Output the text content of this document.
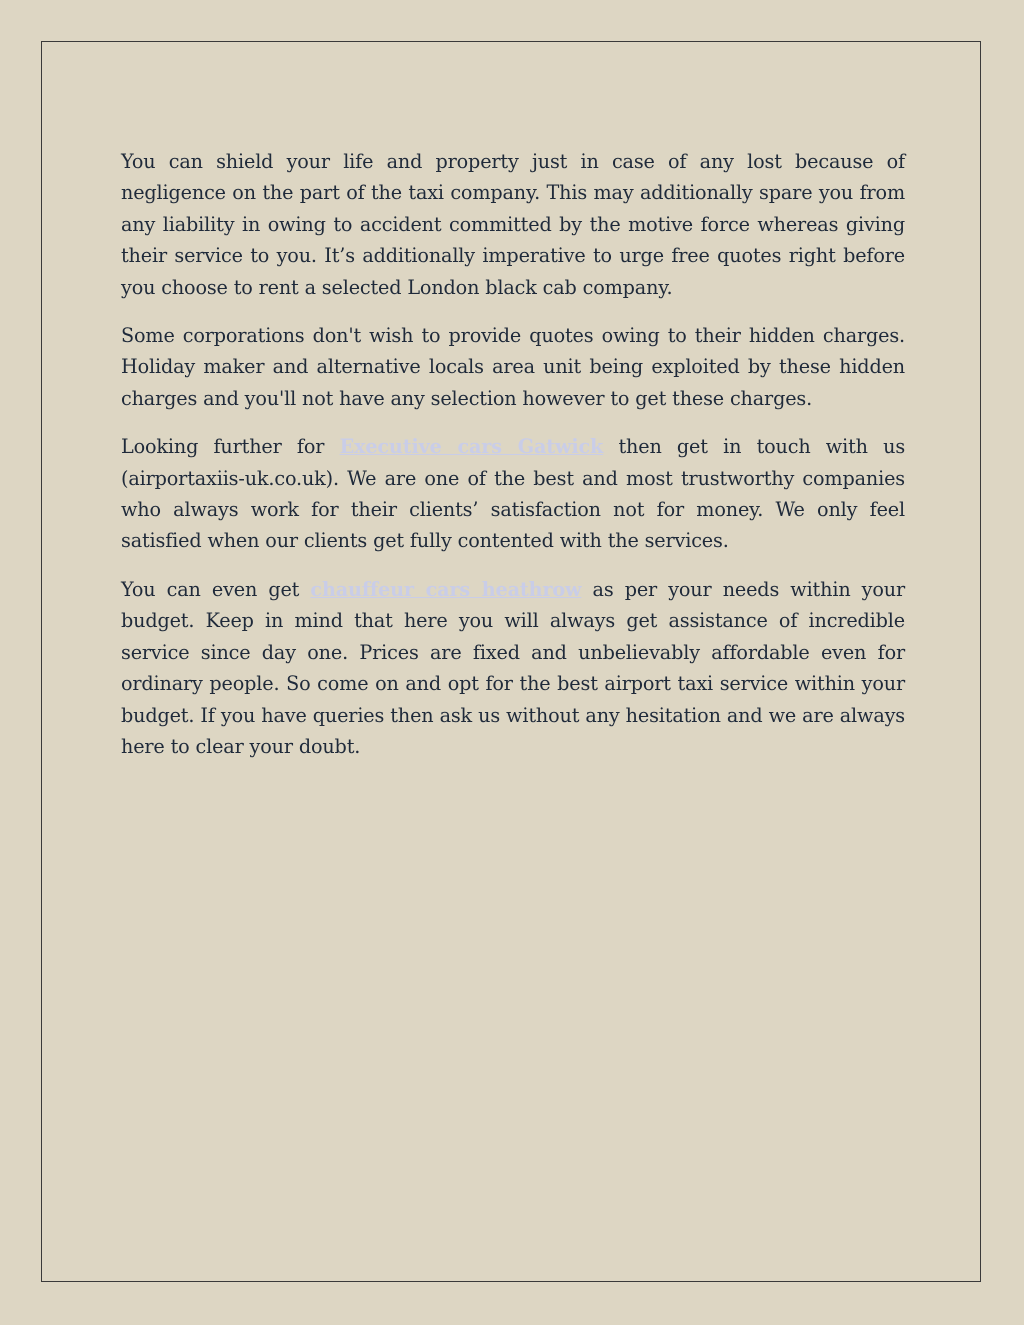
You can shield your life and property just in case of any lost because of negligence on the part of the taxi company. This may additionally spare you from any liability in owing to accident committed by the motive force whereas giving their service to you. It’s additionally imperative to urge free quotes right before you choose to rent a selected London black cab company.

Some corporations don't wish to provide quotes owing to their hidden charges. Holiday maker and alternative locals area unit being exploited by these hidden charges and you'll not have any selection however to get these charges.

Looking further for Executive cars Gatwick then get in touch with us (airportaxiis-uk.co.uk). We are one of the best and most trustworthy companies who always work for their clients’ satisfaction not for money. We only feel satisfied when our clients get fully contented with the services.

You can even get chauffeur cars heathrow as per your needs within your budget. Keep in mind that here you will always get assistance of incredible service since day one. Prices are fixed and unbelievably affordable even for ordinary people. So come on and opt for the best airport taxi service within your budget. If you have queries then ask us without any hesitation and we are always here to clear your doubt.
